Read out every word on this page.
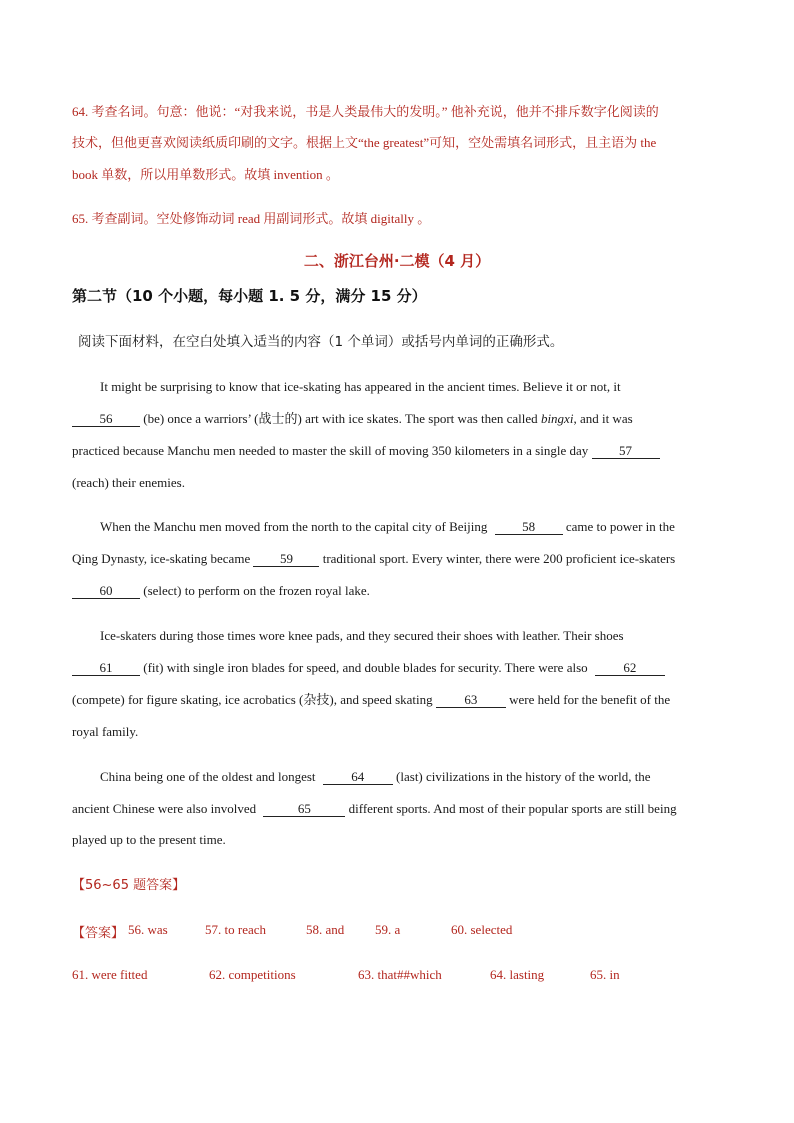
64. 考查名词。句意：他说：“对我来说，书是人类最伟大的发明。” 他补充说，他并不排斥数字化阅读的
技术，但他更喜欢阅读纸质印刷的文字。根据上文“the greatest”可知，空处需填名词形式，且主语为 the
book 单数，所以用单数形式。故填 invention 。
65. 考查副词。空处修饰动词 read 用副词形式。故填 digitally 。
二、浙江台州·二模（4 月）
第二节（10 个小题，每小题 1. 5 分，满分 15 分）
阅读下面材料，在空白处填入适当的内容（1 个单词）或括号内单词的正确形式。
It might be surprising to know that ice-skating has appeared in the ancient times. Believe it or not, it
56 (be) once a warriors’ (战士的) art with ice skates. The sport was then called bingxi, and it was
practiced because Manchu men needed to master the skill of moving 350 kilometers in a single day 57
(reach) their enemies.
When the Manchu men moved from the north to the capital city of Beijing	58 came to power in the
Qing Dynasty, ice-skating became 59 traditional sport. Every winter, there were 200 proficient ice-skaters
60 (select) to perform on the frozen royal lake.
Ice-skaters during those times wore knee pads, and they secured their shoes with leather. Their shoes
61 (fit) with single iron blades for speed, and double blades for security. There were also	62
(compete) for figure skating, ice acrobatics (杂技), and speed skating 63 were held for the benefit of the
royal family.
China being one of the oldest and longest	64 (last) civilizations in the history of the world, the
ancient Chinese were also involved	65	different sports. And most of their popular sports are still being
played up to the present time.
【56~65 题答案】
【答案】 56. was	57. to reach	58. and 59. a	60. selected
61. were fitted	62. competitions	63. that##which	64. lasting	65. in
